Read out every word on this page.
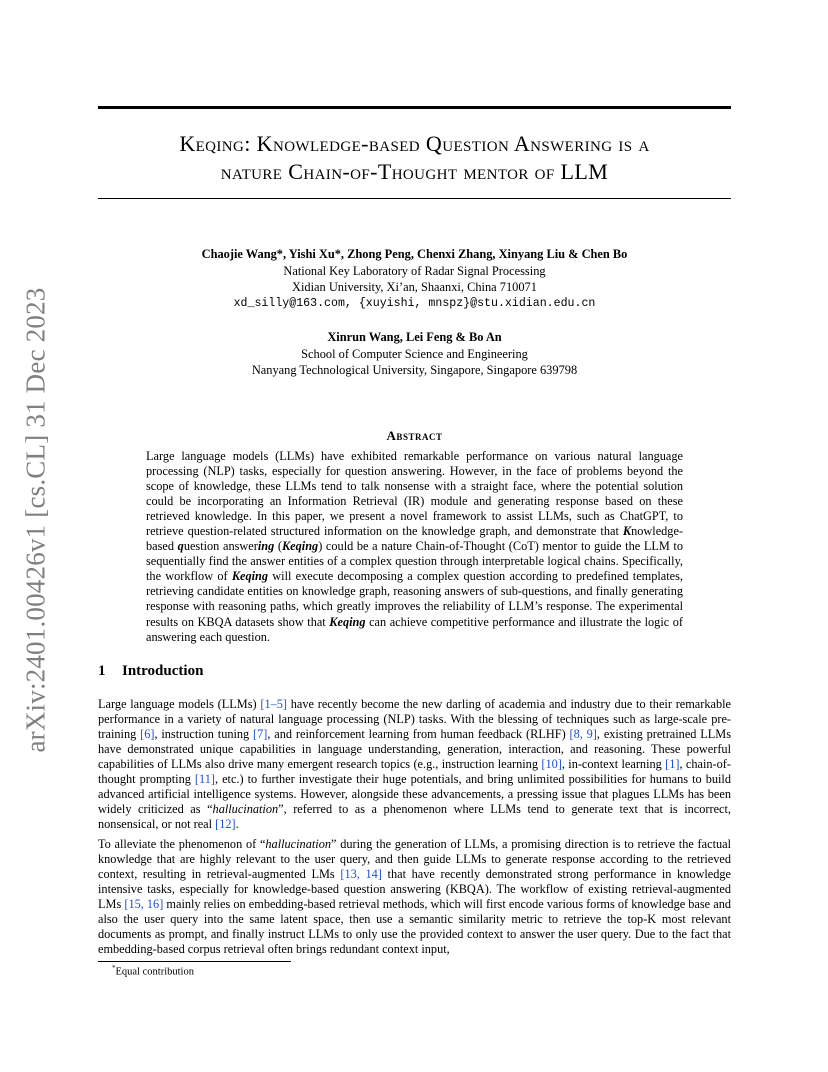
arXiv:2401.00426v1 [cs.CL] 31 Dec 2023
Keqing: Knowledge-based Question Answering is a
nature Chain-of-Thought mentor of LLM
Chaojie Wang*, Yishi Xu*, Zhong Peng, Chenxi Zhang, Xinyang Liu & Chen Bo
National Key Laboratory of Radar Signal Processing
Xidian University, Xi’an, Shaanxi, China 710071
xd_silly@163.com, {xuyishi, mnspz}@stu.xidian.edu.cn
Xinrun Wang, Lei Feng & Bo An
School of Computer Science and Engineering
Nanyang Technological University, Singapore, Singapore 639798
Abstract
Large language models (LLMs) have exhibited remarkable performance on various natural language processing (NLP) tasks, especially for question answering. However, in the face of problems beyond the scope of knowledge, these LLMs tend to talk nonsense with a straight face, where the potential solution could be incorporating an Information Retrieval (IR) module and generating response based on these retrieved knowledge. In this paper, we present a novel framework to assist LLMs, such as ChatGPT, to retrieve question-related structured information on the knowledge graph, and demonstrate that Knowledge-based question answering (Keqing) could be a nature Chain-of-Thought (CoT) mentor to guide the LLM to sequentially find the answer entities of a complex question through interpretable logical chains. Specifically, the workflow of Keqing will execute decomposing a complex question according to predefined templates, retrieving candidate entities on knowledge graph, reasoning answers of sub-questions, and finally generating response with reasoning paths, which greatly improves the reliability of LLM’s response. The experimental results on KBQA datasets show that Keqing can achieve competitive performance and illustrate the logic of answering each question.
1 Introduction
Large language models (LLMs) [1–5] have recently become the new darling of academia and industry due to their remarkable performance in a variety of natural language processing (NLP) tasks. With the blessing of techniques such as large-scale pre-training [6], instruction tuning [7], and reinforcement learning from human feedback (RLHF) [8, 9], existing pretrained LLMs have demonstrated unique capabilities in language understanding, generation, interaction, and reasoning. These powerful capabilities of LLMs also drive many emergent research topics (e.g., instruction learning [10], in-context learning [1], chain-of-thought prompting [11], etc.) to further investigate their huge potentials, and bring unlimited possibilities for humans to build advanced artificial intelligence systems. However, alongside these advancements, a pressing issue that plagues LLMs has been widely criticized as “hallucination”, referred to as a phenomenon where LLMs tend to generate text that is incorrect, nonsensical, or not real [12].
To alleviate the phenomenon of “hallucination” during the generation of LLMs, a promising direction is to retrieve the factual knowledge that are highly relevant to the user query, and then guide LLMs to generate response according to the retrieved context, resulting in retrieval-augmented LMs [13, 14] that have recently demonstrated strong performance in knowledge intensive tasks, especially for knowledge-based question answering (KBQA). The workflow of existing retrieval-augmented LMs [15, 16] mainly relies on embedding-based retrieval methods, which will first encode various forms of knowledge base and also the user query into the same latent space, then use a semantic similarity metric to retrieve the top-K most relevant documents as prompt, and finally instruct LLMs to only use the provided context to answer the user query. Due to the fact that embedding-based corpus retrieval often brings redundant context input,
*Equal contribution
